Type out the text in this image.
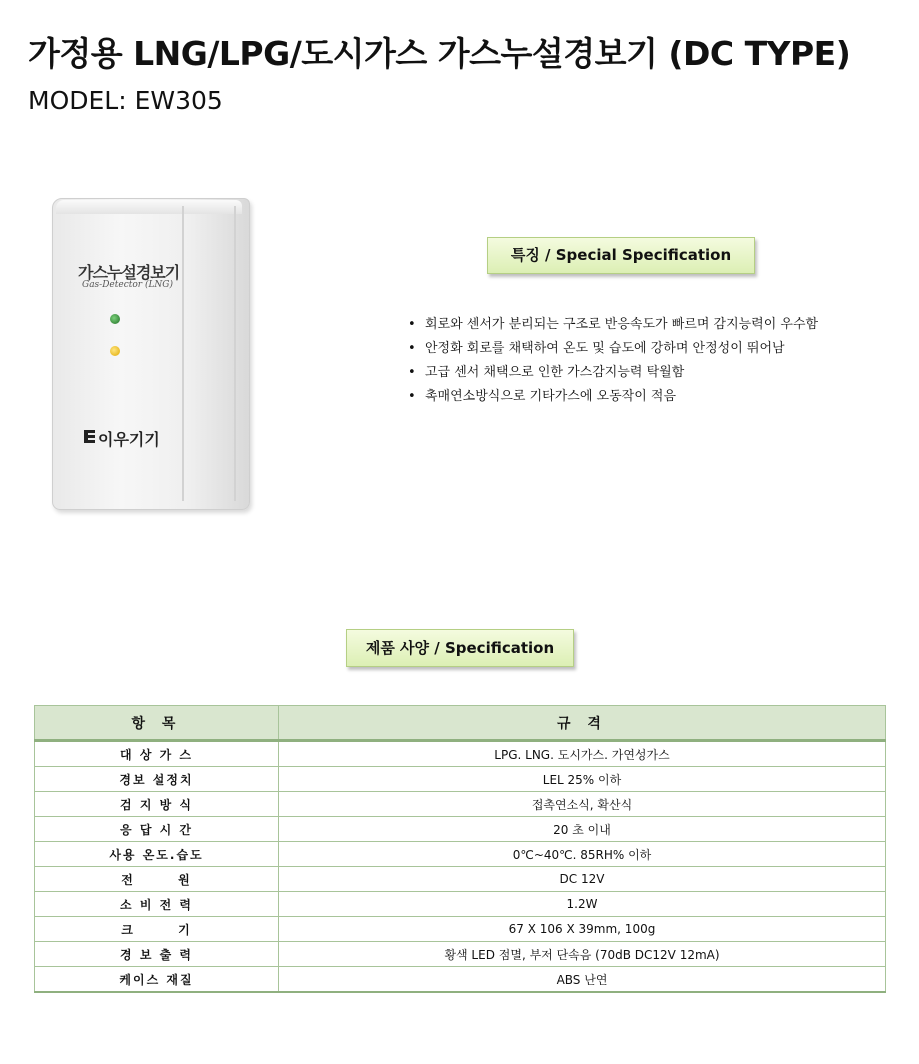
가정용 LNG/LPG/도시가스 가스누설경보기 (DC TYPE)
MODEL: EW305
가스누설경보기
Gas-Detector (LNG)
이우기기
특징 / Special Specification
• 회로와 센서가 분리되는 구조로 반응속도가 빠르며 감지능력이 우수함
• 안정화 회로를 채택하여 온도 및 습도에 강하며 안정성이 뛰어남
• 고급 센서 채택으로 인한 가스감지능력 탁월함
• 촉매연소방식으로 기타가스에 오동작이 적음
제품 사양 / Specification
항 목	규 격
대 상 가 스	LPG. LNG. 도시가스. 가연성가스
경보 설정치	LEL 25% 이하
검 지 방 식	접촉연소식, 확산식
응 답 시 간	20 초 이내
사용 온도.습도	0℃~40℃. 85RH% 이하
전       원	DC 12V
소 비 전 력	1.2W
크       기	67 X 106 X 39mm, 100g
경 보 출 력	황색 LED 점멸, 부저 단속음 (70dB DC12V 12mA)
케이스 재질	ABS 난연
